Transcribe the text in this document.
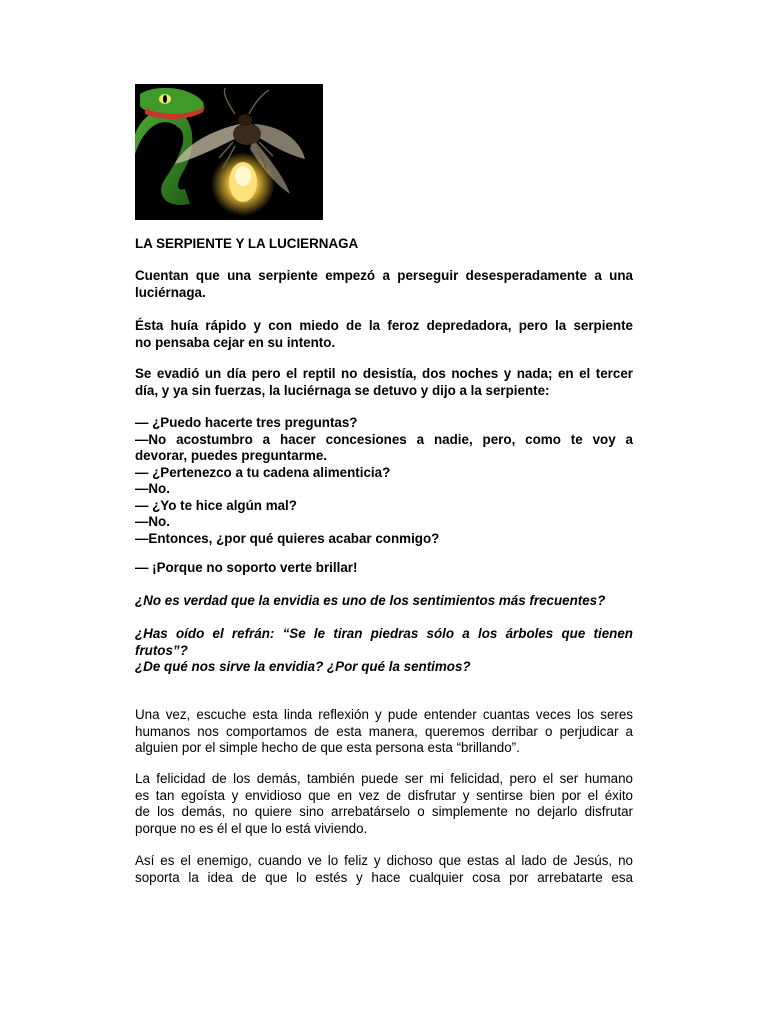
LA SERPIENTE Y LA LUCIERNAGA
Cuentan que una serpiente empezó a perseguir desesperadamente a una
luciérnaga.
Ésta huía rápido y con miedo de la feroz depredadora, pero la serpiente
no pensaba cejar en su intento.
Se evadió un día pero el reptil no desistía, dos noches y nada; en el tercer
día, y ya sin fuerzas, la luciérnaga se detuvo y dijo a la serpiente:
— ¿Puedo hacerte tres preguntas?
—No acostumbro a hacer concesiones a nadie, pero, como te voy a
devorar, puedes preguntarme.
— ¿Pertenezco a tu cadena alimenticia?
—No.
— ¿Yo te hice algún mal?
—No.
—Entonces, ¿por qué quieres acabar conmigo?
— ¡Porque no soporto verte brillar!
¿No es verdad que la envidia es uno de los sentimientos más frecuentes?
¿Has oído el refrán: “Se le tiran piedras sólo a los árboles que tienen
frutos”?
¿De qué nos sirve la envidia? ¿Por qué la sentimos?
Una vez, escuche esta linda reflexión y pude entender cuantas veces los seres
humanos nos comportamos de esta manera, queremos derribar o perjudicar a
alguien por el simple hecho de que esta persona esta “brillando”.
La felicidad de los demás, también puede ser mi felicidad, pero el ser humano
es tan egoísta y envidioso que en vez de disfrutar y sentirse bien por el éxito
de los demás, no quiere sino arrebatárselo o simplemente no dejarlo disfrutar
porque no es él el que lo está viviendo.
Así es el enemigo, cuando ve lo feliz y dichoso que estas al lado de Jesús, no
soporta la idea de que lo estés y hace cualquier cosa por arrebatarte esa
